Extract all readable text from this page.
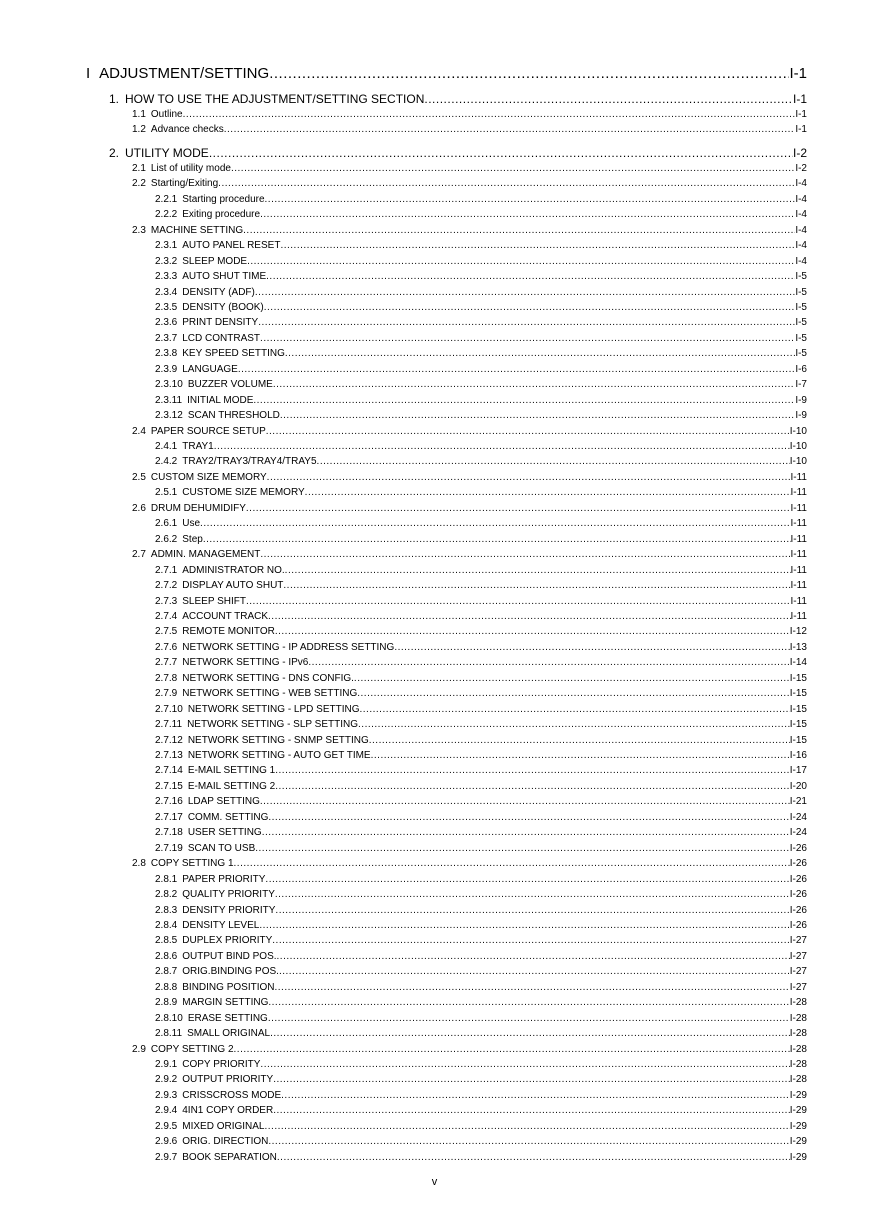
I ADJUSTMENT/SETTING .....	I-1
1. HOW TO USE THE ADJUSTMENT/SETTING SECTION .....	I-1
1.1 Outline .....	I-1
1.2 Advance checks .....	I-1
2. UTILITY MODE .....	I-2
2.1 List of utility mode .....	I-2
2.2 Starting/Exiting .....	I-4
2.2.1 Starting procedure .....	I-4
2.2.2 Exiting procedure .....	I-4
2.3 MACHINE SETTING .....	I-4
2.3.1 AUTO PANEL RESET .....	I-4
2.3.2 SLEEP MODE .....	I-4
2.3.3 AUTO SHUT TIME .....	I-5
2.3.4 DENSITY (ADF) .....	I-5
2.3.5 DENSITY (BOOK) .....	I-5
2.3.6 PRINT DENSITY .....	I-5
2.3.7 LCD CONTRAST .....	I-5
2.3.8 KEY SPEED SETTING .....	I-5
2.3.9 LANGUAGE .....	I-6
2.3.10 BUZZER VOLUME .....	I-7
2.3.11 INITIAL MODE .....	I-9
2.3.12 SCAN THRESHOLD .....	I-9
2.4 PAPER SOURCE SETUP .....	I-10
2.4.1 TRAY1 .....	I-10
2.4.2 TRAY2/TRAY3/TRAY4/TRAY5 .....	I-10
2.5 CUSTOM SIZE MEMORY .....	I-11
2.5.1 CUSTOME SIZE MEMORY .....	I-11
2.6 DRUM DEHUMIDIFY .....	I-11
2.6.1 Use .....	I-11
2.6.2 Step .....	I-11
2.7 ADMIN. MANAGEMENT .....	I-11
2.7.1 ADMINISTRATOR NO. .....	I-11
2.7.2 DISPLAY AUTO SHUT .....	I-11
2.7.3 SLEEP SHIFT .....	I-11
2.7.4 ACCOUNT TRACK .....	I-11
2.7.5 REMOTE MONITOR .....	I-12
2.7.6 NETWORK SETTING - IP ADDRESS SETTING .....	I-13
2.7.7 NETWORK SETTING - IPv6 .....	I-14
2.7.8 NETWORK SETTING - DNS CONFIG. .....	I-15
2.7.9 NETWORK SETTING - WEB SETTING .....	I-15
2.7.10 NETWORK SETTING - LPD SETTING .....	I-15
2.7.11 NETWORK SETTING - SLP SETTING .....	I-15
2.7.12 NETWORK SETTING - SNMP SETTING .....	I-15
2.7.13 NETWORK SETTING - AUTO GET TIME .....	I-16
2.7.14 E-MAIL SETTING 1 .....	I-17
2.7.15 E-MAIL SETTING 2 .....	I-20
2.7.16 LDAP SETTING .....	I-21
2.7.17 COMM. SETTING .....	I-24
2.7.18 USER SETTING .....	I-24
2.7.19 SCAN TO USB .....	I-26
2.8 COPY SETTING 1 .....	I-26
2.8.1 PAPER PRIORITY .....	I-26
2.8.2 QUALITY PRIORITY .....	I-26
2.8.3 DENSITY PRIORITY .....	I-26
2.8.4 DENSITY LEVEL .....	I-26
2.8.5 DUPLEX PRIORITY .....	I-27
2.8.6 OUTPUT BIND POS. .....	I-27
2.8.7 ORIG.BINDING POS. .....	I-27
2.8.8 BINDING POSITION .....	I-27
2.8.9 MARGIN SETTING .....	I-28
2.8.10 ERASE SETTING .....	I-28
2.8.11 SMALL ORIGINAL .....	I-28
2.9 COPY SETTING 2 .....	I-28
2.9.1 COPY PRIORITY .....	I-28
2.9.2 OUTPUT PRIORITY .....	I-28
2.9.3 CRISSCROSS MODE .....	I-29
2.9.4 4IN1 COPY ORDER .....	I-29
2.9.5 MIXED ORIGINAL .....	I-29
2.9.6 ORIG. DIRECTION .....	I-29
2.9.7 BOOK SEPARATION .....	I-29
v
